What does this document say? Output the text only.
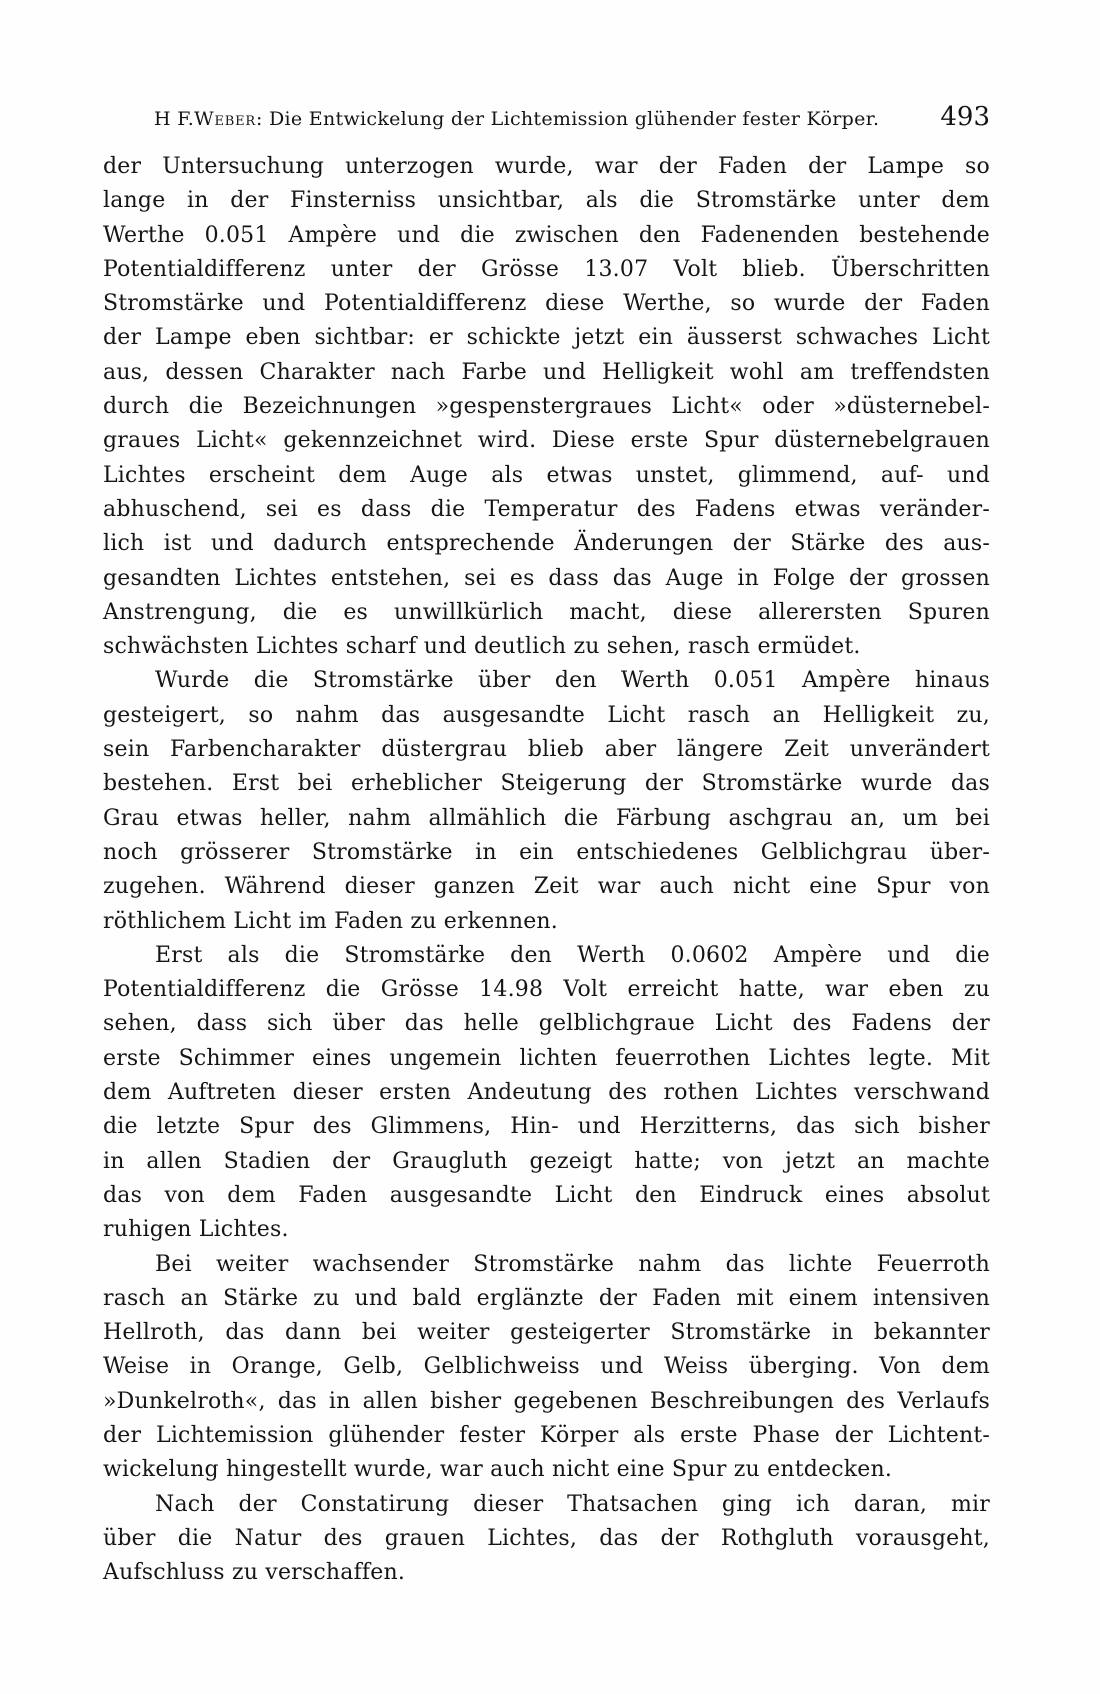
H F.Weber: Die Entwickelung der Lichtemission glühender fester Körper.	493
der Untersuchung unterzogen wurde, war der Faden der Lampe so
lange in der Finsterniss unsichtbar, als die Stromstärke unter dem
Werthe 0.051 Ampère und die zwischen den Fadenenden bestehende
Potentialdifferenz unter der Grösse 13.07 Volt blieb. Überschritten
Stromstärke und Potentialdifferenz diese Werthe, so wurde der Faden
der Lampe eben sichtbar: er schickte jetzt ein äusserst schwaches Licht
aus, dessen Charakter nach Farbe und Helligkeit wohl am treffendsten
durch die Bezeichnungen »gespenstergraues Licht« oder »düsternebel-
graues Licht« gekennzeichnet wird. Diese erste Spur düsternebelgrauen
Lichtes erscheint dem Auge als etwas unstet, glimmend, auf- und
abhuschend, sei es dass die Temperatur des Fadens etwas veränder-
lich ist und dadurch entsprechende Änderungen der Stärke des aus-
gesandten Lichtes entstehen, sei es dass das Auge in Folge der grossen
Anstrengung, die es unwillkürlich macht, diese allerersten Spuren
schwächsten Lichtes scharf und deutlich zu sehen, rasch ermüdet.
Wurde die Stromstärke über den Werth 0.051 Ampère hinaus
gesteigert, so nahm das ausgesandte Licht rasch an Helligkeit zu,
sein Farbencharakter düstergrau blieb aber längere Zeit unverändert
bestehen. Erst bei erheblicher Steigerung der Stromstärke wurde das
Grau etwas heller, nahm allmählich die Färbung aschgrau an, um bei
noch grösserer Stromstärke in ein entschiedenes Gelblichgrau über-
zugehen. Während dieser ganzen Zeit war auch nicht eine Spur von
röthlichem Licht im Faden zu erkennen.
Erst als die Stromstärke den Werth 0.0602 Ampère und die
Potentialdifferenz die Grösse 14.98 Volt erreicht hatte, war eben zu
sehen, dass sich über das helle gelblichgraue Licht des Fadens der
erste Schimmer eines ungemein lichten feuerrothen Lichtes legte. Mit
dem Auftreten dieser ersten Andeutung des rothen Lichtes verschwand
die letzte Spur des Glimmens, Hin- und Herzitterns, das sich bisher
in allen Stadien der Graugluth gezeigt hatte; von jetzt an machte
das von dem Faden ausgesandte Licht den Eindruck eines absolut
ruhigen Lichtes.
Bei weiter wachsender Stromstärke nahm das lichte Feuerroth
rasch an Stärke zu und bald erglänzte der Faden mit einem intensiven
Hellroth, das dann bei weiter gesteigerter Stromstärke in bekannter
Weise in Orange, Gelb, Gelblichweiss und Weiss überging. Von dem
»Dunkelroth«, das in allen bisher gegebenen Beschreibungen des Verlaufs
der Lichtemission glühender fester Körper als erste Phase der Lichtent-
wickelung hingestellt wurde, war auch nicht eine Spur zu entdecken.
Nach der Constatirung dieser Thatsachen ging ich daran, mir
über die Natur des grauen Lichtes, das der Rothgluth vorausgeht,
Aufschluss zu verschaffen.
